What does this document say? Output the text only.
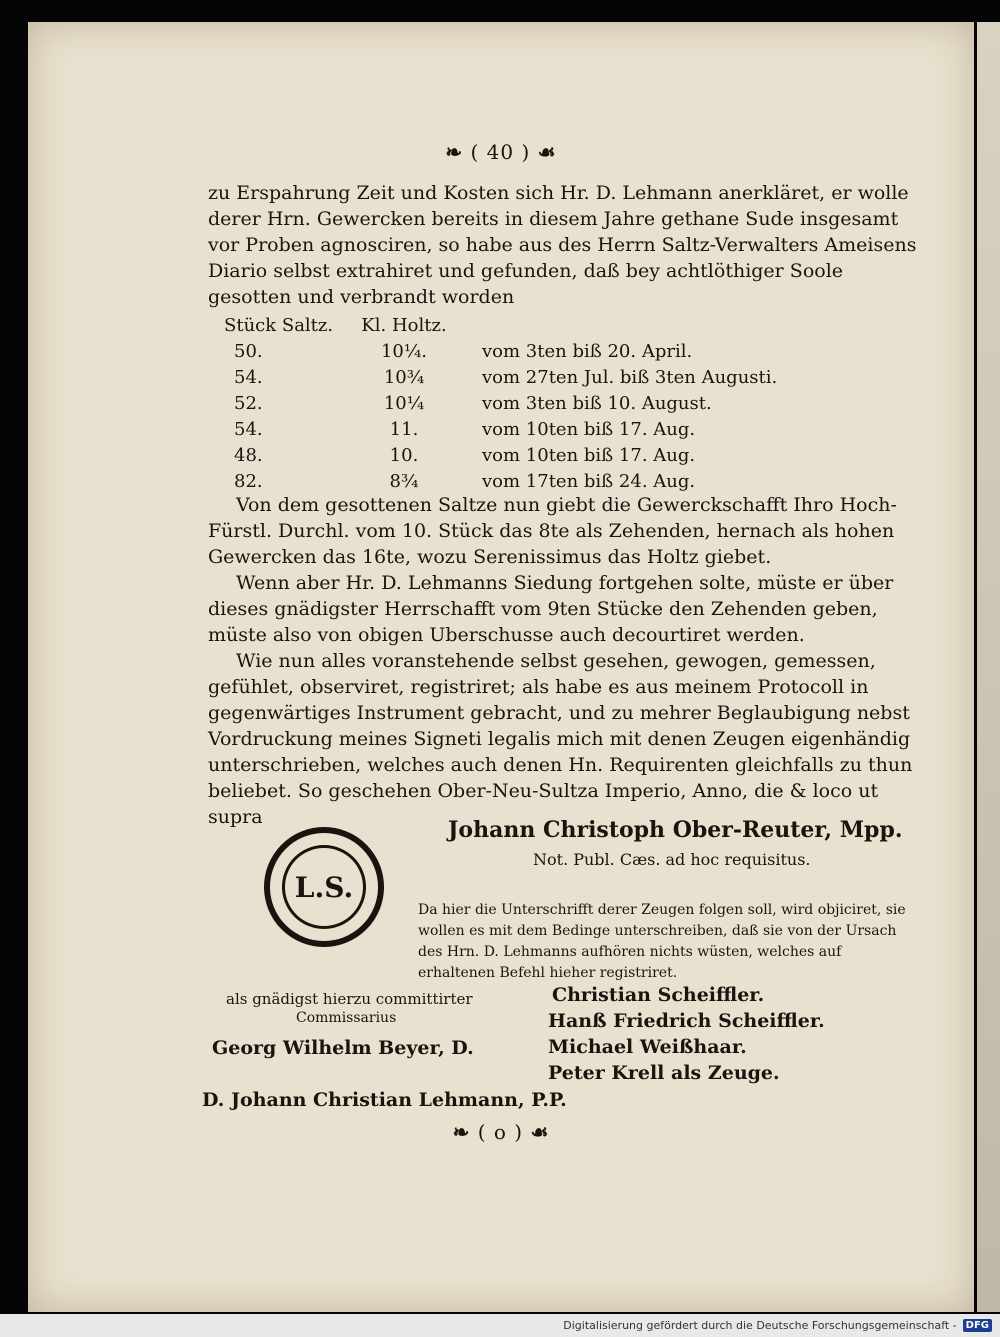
❧ ( 40 ) ☙

zu Erspahrung Zeit und Kosten sich Hr. D. Lehmann anerkläret, er wolle derer Hrn. Gewercken bereits in diesem Jahre gethane Sude insgesamt vor Proben agnosciren, so habe aus des Herrn Saltz-Verwalters Ameisens Diario selbst extrahiret und gefunden, daß bey achtlöthiger Soole gesotten und verbrandt worden

Stück Saltz.	Kl. Holtz.
50.	10¼.	vom 3ten biß 20. April.
54.	10¾	vom 27ten Jul. biß 3ten Augusti.
52.	10¼	vom 3ten biß 10. August.
54.	11.	vom 10ten biß 17. Aug.
48.	10.	vom 10ten biß 17. Aug.
82.	8¾	vom 17ten biß 24. Aug.

Von dem gesottenen Saltze nun giebt die Gewerckschafft Ihro Hoch-Fürstl. Durchl. vom 10. Stück das 8te als Zehenden, hernach als hohen Gewercken das 16te, wozu Serenissimus das Holtz giebet.

Wenn aber Hr. D. Lehmanns Siedung fortgehen solte, müste er über dieses gnädigster Herrschafft vom 9ten Stücke den Zehenden geben, müste also von obigen Uberschusse auch decourtiret werden.

Wie nun alles voranstehende selbst gesehen, gewogen, gemessen, gefühlet, observiret, registriret; als habe es aus meinem Protocoll in gegenwärtiges Instrument gebracht, und zu mehrer Beglaubigung nebst Vordruckung meines Signeti legalis mich mit denen Zeugen eigenhändig unterschrieben, welches auch denen Hn. Requirenten gleichfalls zu thun beliebet. So geschehen Ober-Neu-Sultza Imperio, Anno, die & loco ut supra	Johann Christoph Ober-Reuter, Mpp.
Not. Publ. Cæs. ad hoc requisitus.
L.S.
Da hier die Unterschrifft derer Zeugen folgen soll, wird objiciret, sie wollen es mit dem Bedinge unterschreiben, daß sie von der Ursach des Hrn. D. Lehmanns aufhören nichts wüsten, welches auf erhaltenen Befehl hieher registriret.
als gnädigst hierzu committirter
Commissarius
Georg Wilhelm Beyer, D.
D. Johann Christian Lehmann, P.P.
Christian Scheiffler.
Hanß Friedrich Scheiffler.
Michael Weißhaar.
Peter Krell als Zeuge.
❧ ( o ) ☙
Digitalisierung gefördert durch die Deutsche Forschungsgemeinschaft - DFG
